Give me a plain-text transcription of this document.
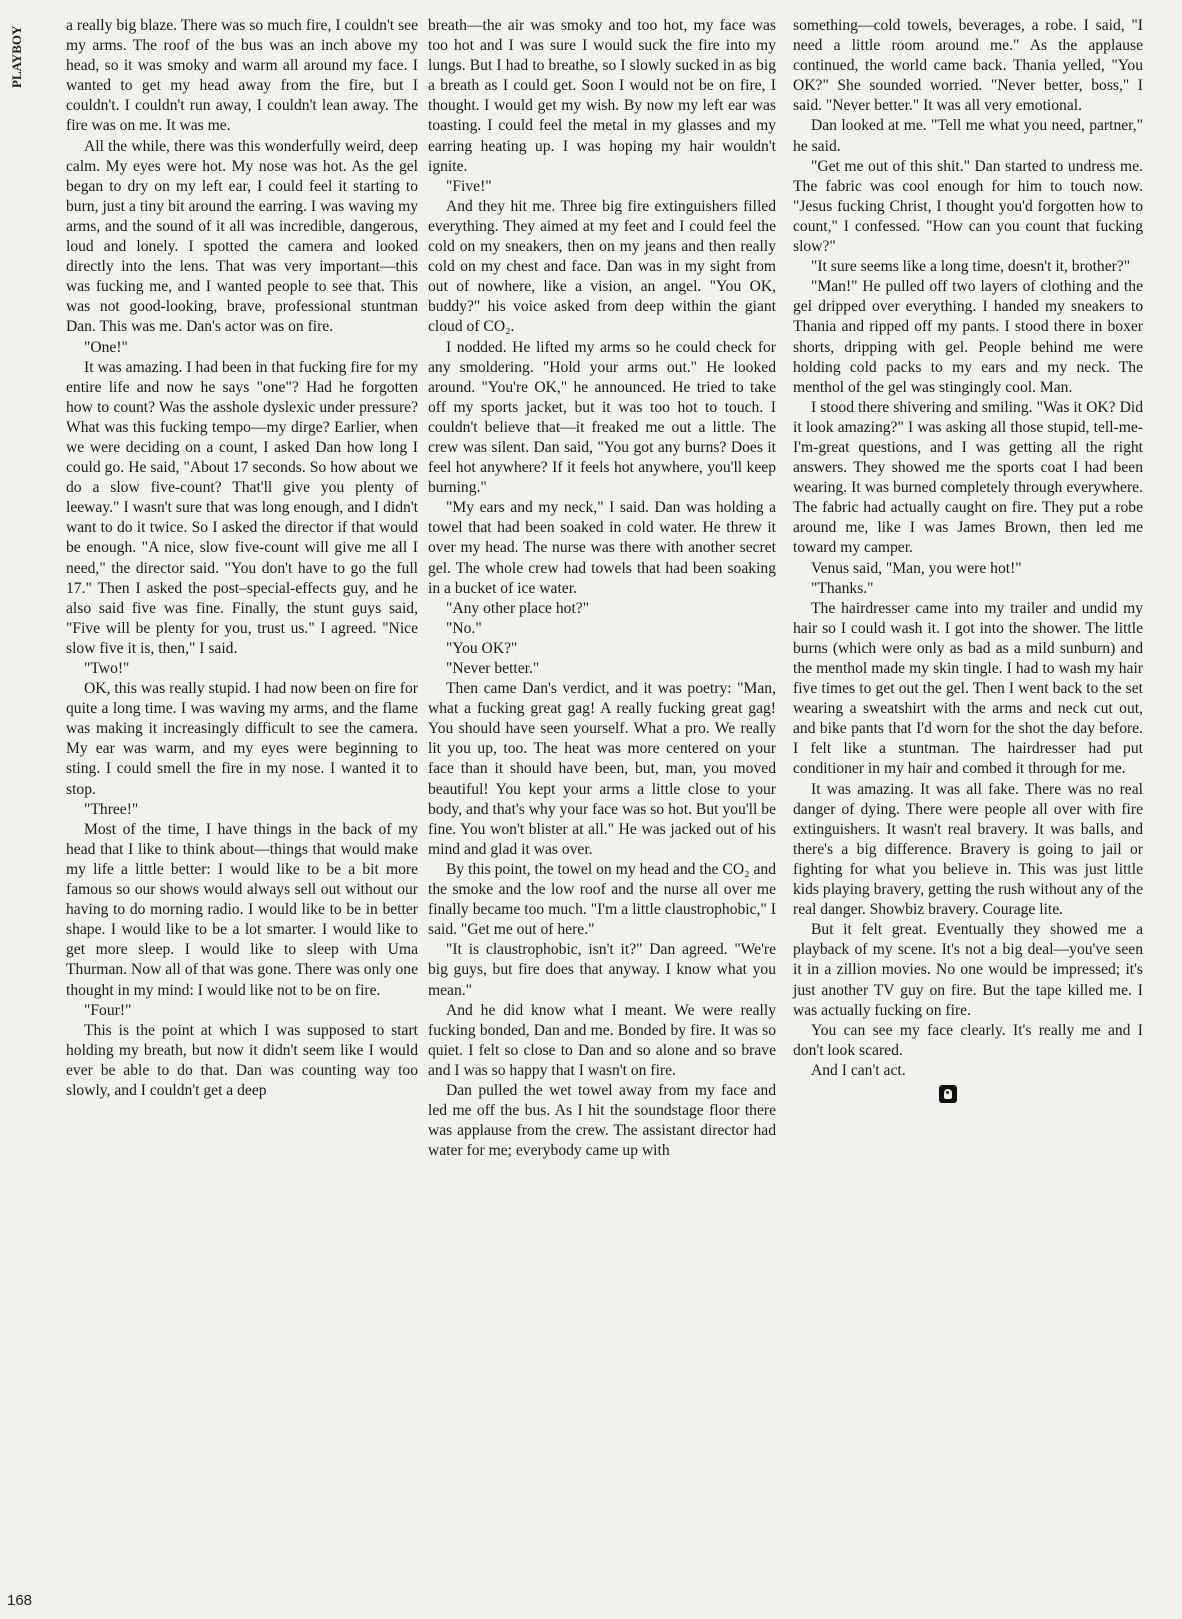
PLAYBOY
168

a really big blaze. There was so much fire, I couldn't see my arms. The roof of the bus was an inch above my head, so it was smoky and warm all around my face. I wanted to get my head away from the fire, but I couldn't. I couldn't run away, I couldn't lean away. The fire was on me. It was me.

All the while, there was this wonderfully weird, deep calm. My eyes were hot. My nose was hot. As the gel began to dry on my left ear, I could feel it starting to burn, just a tiny bit around the earring. I was waving my arms, and the sound of it all was incredible, dangerous, loud and lonely. I spotted the camera and looked directly into the lens. That was very important—this was fucking me, and I wanted people to see that. This was not good-looking, brave, professional stuntman Dan. This was me. Dan's actor was on fire.

"One!"

It was amazing. I had been in that fucking fire for my entire life and now he says "one"? Had he forgotten how to count? Was the asshole dyslexic under pressure? What was this fucking tempo—my dirge? Earlier, when we were deciding on a count, I asked Dan how long I could go. He said, "About 17 seconds. So how about we do a slow five-count? That'll give you plenty of leeway." I wasn't sure that was long enough, and I didn't want to do it twice. So I asked the director if that would be enough. "A nice, slow five-count will give me all I need," the director said. "You don't have to go the full 17." Then I asked the post–special-effects guy, and he also said five was fine. Finally, the stunt guys said, "Five will be plenty for you, trust us." I agreed. "Nice slow five it is, then," I said.

"Two!"

OK, this was really stupid. I had now been on fire for quite a long time. I was waving my arms, and the flame was making it increasingly difficult to see the camera. My ear was warm, and my eyes were beginning to sting. I could smell the fire in my nose. I wanted it to stop.

"Three!"

Most of the time, I have things in the back of my head that I like to think about—things that would make my life a little better: I would like to be a bit more famous so our shows would always sell out without our having to do morning radio. I would like to be in better shape. I would like to be a lot smarter. I would like to get more sleep. I would like to sleep with Uma Thurman. Now all of that was gone. There was only one thought in my mind: I would like not to be on fire.

"Four!"

This is the point at which I was supposed to start holding my breath, but now it didn't seem like I would ever be able to do that. Dan was counting way too slowly, and I couldn't get a deep

breath—the air was smoky and too hot, my face was too hot and I was sure I would suck the fire into my lungs. But I had to breathe, so I slowly sucked in as big a breath as I could get. Soon I would not be on fire, I thought. I would get my wish. By now my left ear was toasting. I could feel the metal in my glasses and my earring heating up. I was hoping my hair wouldn't ignite.

"Five!"

And they hit me. Three big fire extinguishers filled everything. They aimed at my feet and I could feel the cold on my sneakers, then on my jeans and then really cold on my chest and face. Dan was in my sight from out of nowhere, like a vision, an angel. "You OK, buddy?" his voice asked from deep within the giant cloud of CO₂.

I nodded. He lifted my arms so he could check for any smoldering. "Hold your arms out." He looked around. "You're OK," he announced. He tried to take off my sports jacket, but it was too hot to touch. I couldn't believe that—it freaked me out a little. The crew was silent. Dan said, "You got any burns? Does it feel hot anywhere? If it feels hot anywhere, you'll keep burning."

"My ears and my neck," I said. Dan was holding a towel that had been soaked in cold water. He threw it over my head. The nurse was there with another secret gel. The whole crew had towels that had been soaking in a bucket of ice water.

"Any other place hot?"

"No."

"You OK?"

"Never better."

Then came Dan's verdict, and it was poetry: "Man, what a fucking great gag! A really fucking great gag! You should have seen yourself. What a pro. We really lit you up, too. The heat was more centered on your face than it should have been, but, man, you moved beautiful! You kept your arms a little close to your body, and that's why your face was so hot. But you'll be fine. You won't blister at all." He was jacked out of his mind and glad it was over.

By this point, the towel on my head and the CO₂ and the smoke and the low roof and the nurse all over me finally became too much. "I'm a little claustrophobic," I said. "Get me out of here."

"It is claustrophobic, isn't it?" Dan agreed. "We're big guys, but fire does that anyway. I know what you mean."

And he did know what I meant. We were really fucking bonded, Dan and me. Bonded by fire. It was so quiet. I felt so close to Dan and so alone and so brave and I was so happy that I wasn't on fire.

Dan pulled the wet towel away from my face and led me off the bus. As I hit the soundstage floor there was applause from the crew. The assistant director had water for me; everybody came up with

something—cold towels, beverages, a robe. I said, "I need a little room around me." As the applause continued, the world came back. Thania yelled, "You OK?" She sounded worried. "Never better, boss," I said. "Never better." It was all very emotional.

Dan looked at me. "Tell me what you need, partner," he said.

"Get me out of this shit." Dan started to undress me. The fabric was cool enough for him to touch now. "Jesus fucking Christ, I thought you'd forgotten how to count," I confessed. "How can you count that fucking slow?"

"It sure seems like a long time, doesn't it, brother?"

"Man!" He pulled off two layers of clothing and the gel dripped over everything. I handed my sneakers to Thania and ripped off my pants. I stood there in boxer shorts, dripping with gel. People behind me were holding cold packs to my ears and my neck. The menthol of the gel was stingingly cool. Man.

I stood there shivering and smiling. "Was it OK? Did it look amazing?" I was asking all those stupid, tell-me-I'm-great questions, and I was getting all the right answers. They showed me the sports coat I had been wearing. It was burned completely through everywhere. The fabric had actually caught on fire. They put a robe around me, like I was James Brown, then led me toward my camper.

Venus said, "Man, you were hot!"

"Thanks."

The hairdresser came into my trailer and undid my hair so I could wash it. I got into the shower. The little burns (which were only as bad as a mild sunburn) and the menthol made my skin tingle. I had to wash my hair five times to get out the gel. Then I went back to the set wearing a sweatshirt with the arms and neck cut out, and bike pants that I'd worn for the shot the day before. I felt like a stuntman. The hairdresser had put conditioner in my hair and combed it through for me.

It was amazing. It was all fake. There was no real danger of dying. There were people all over with fire extinguishers. It wasn't real bravery. It was balls, and there's a big difference. Bravery is going to jail or fighting for what you believe in. This was just little kids playing bravery, getting the rush without any of the real danger. Showbiz bravery. Courage lite.

But it felt great. Eventually they showed me a playback of my scene. It's not a big deal—you've seen it in a zillion movies. No one would be impressed; it's just another TV guy on fire. But the tape killed me. I was actually fucking on fire.

You can see my face clearly. It's really me and I don't look scared.

And I can't act.
